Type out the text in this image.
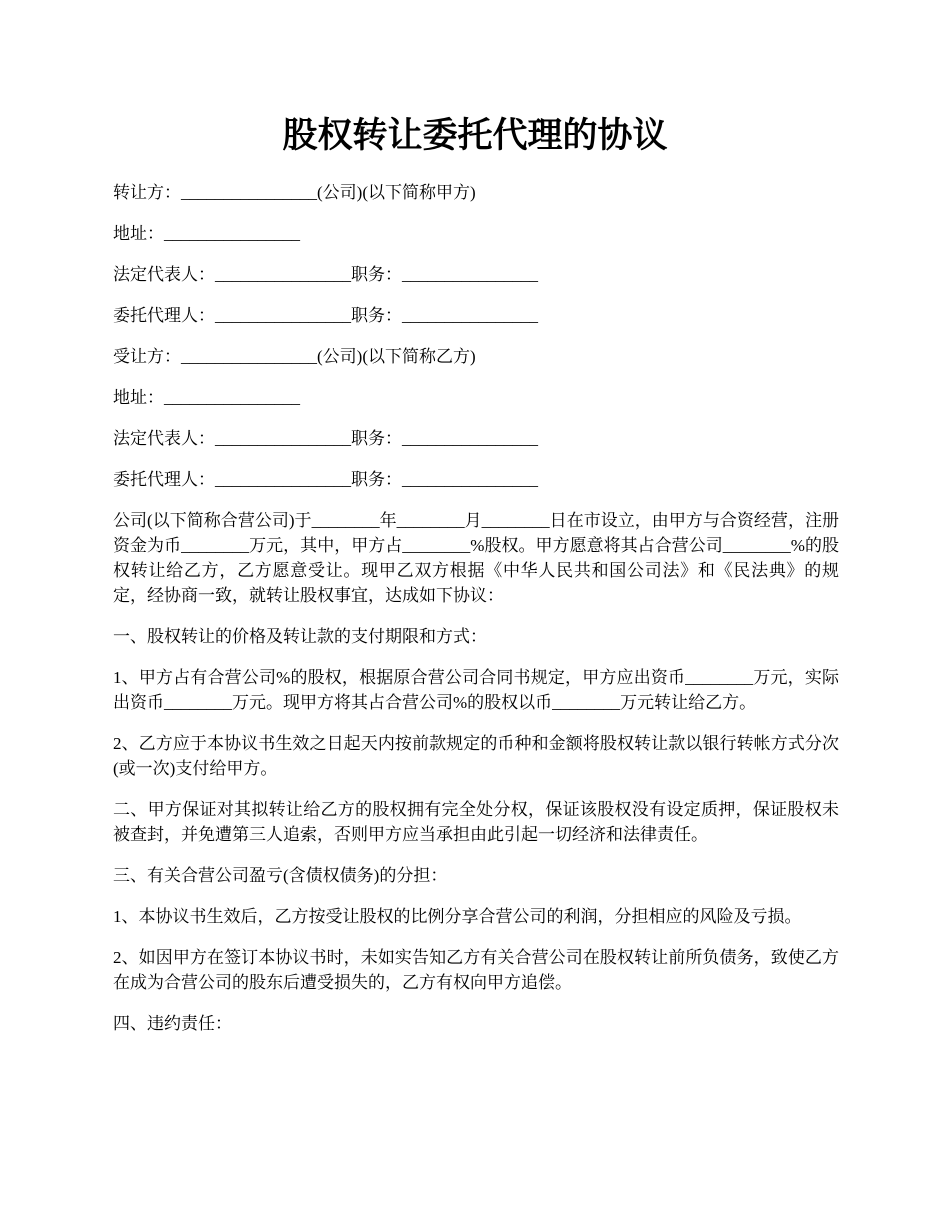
股权转让委托代理的协议

转让方：________________(公司)(以下简称甲方)

地址：________________

法定代表人：________________职务：________________

委托代理人：________________职务：________________

受让方：________________(公司)(以下简称乙方)

地址：________________

法定代表人：________________职务：________________

委托代理人：________________职务：________________

公司(以下简称合营公司)于________年________月________日在市设立，由甲方与合资经营，注册资金为币________万元，其中，甲方占________%股权。甲方愿意将其占合营公司________%的股权转让给乙方，乙方愿意受让。现甲乙双方根据《中华人民共和国公司法》和《民法典》的规定，经协商一致，就转让股权事宜，达成如下协议：

一、股权转让的价格及转让款的支付期限和方式：

1、甲方占有合营公司%的股权，根据原合营公司合同书规定，甲方应出资币________万元，实际出资币________万元。现甲方将其占合营公司%的股权以币________万元转让给乙方。

2、乙方应于本协议书生效之日起天内按前款规定的币种和金额将股权转让款以银行转帐方式分次(或一次)支付给甲方。

二、甲方保证对其拟转让给乙方的股权拥有完全处分权，保证该股权没有设定质押，保证股权未被查封，并免遭第三人追索，否则甲方应当承担由此引起一切经济和法律责任。

三、有关合营公司盈亏(含债权债务)的分担：

1、本协议书生效后，乙方按受让股权的比例分享合营公司的利润，分担相应的风险及亏损。

2、如因甲方在签订本协议书时，未如实告知乙方有关合营公司在股权转让前所负债务，致使乙方在成为合营公司的股东后遭受损失的，乙方有权向甲方追偿。

四、违约责任：
